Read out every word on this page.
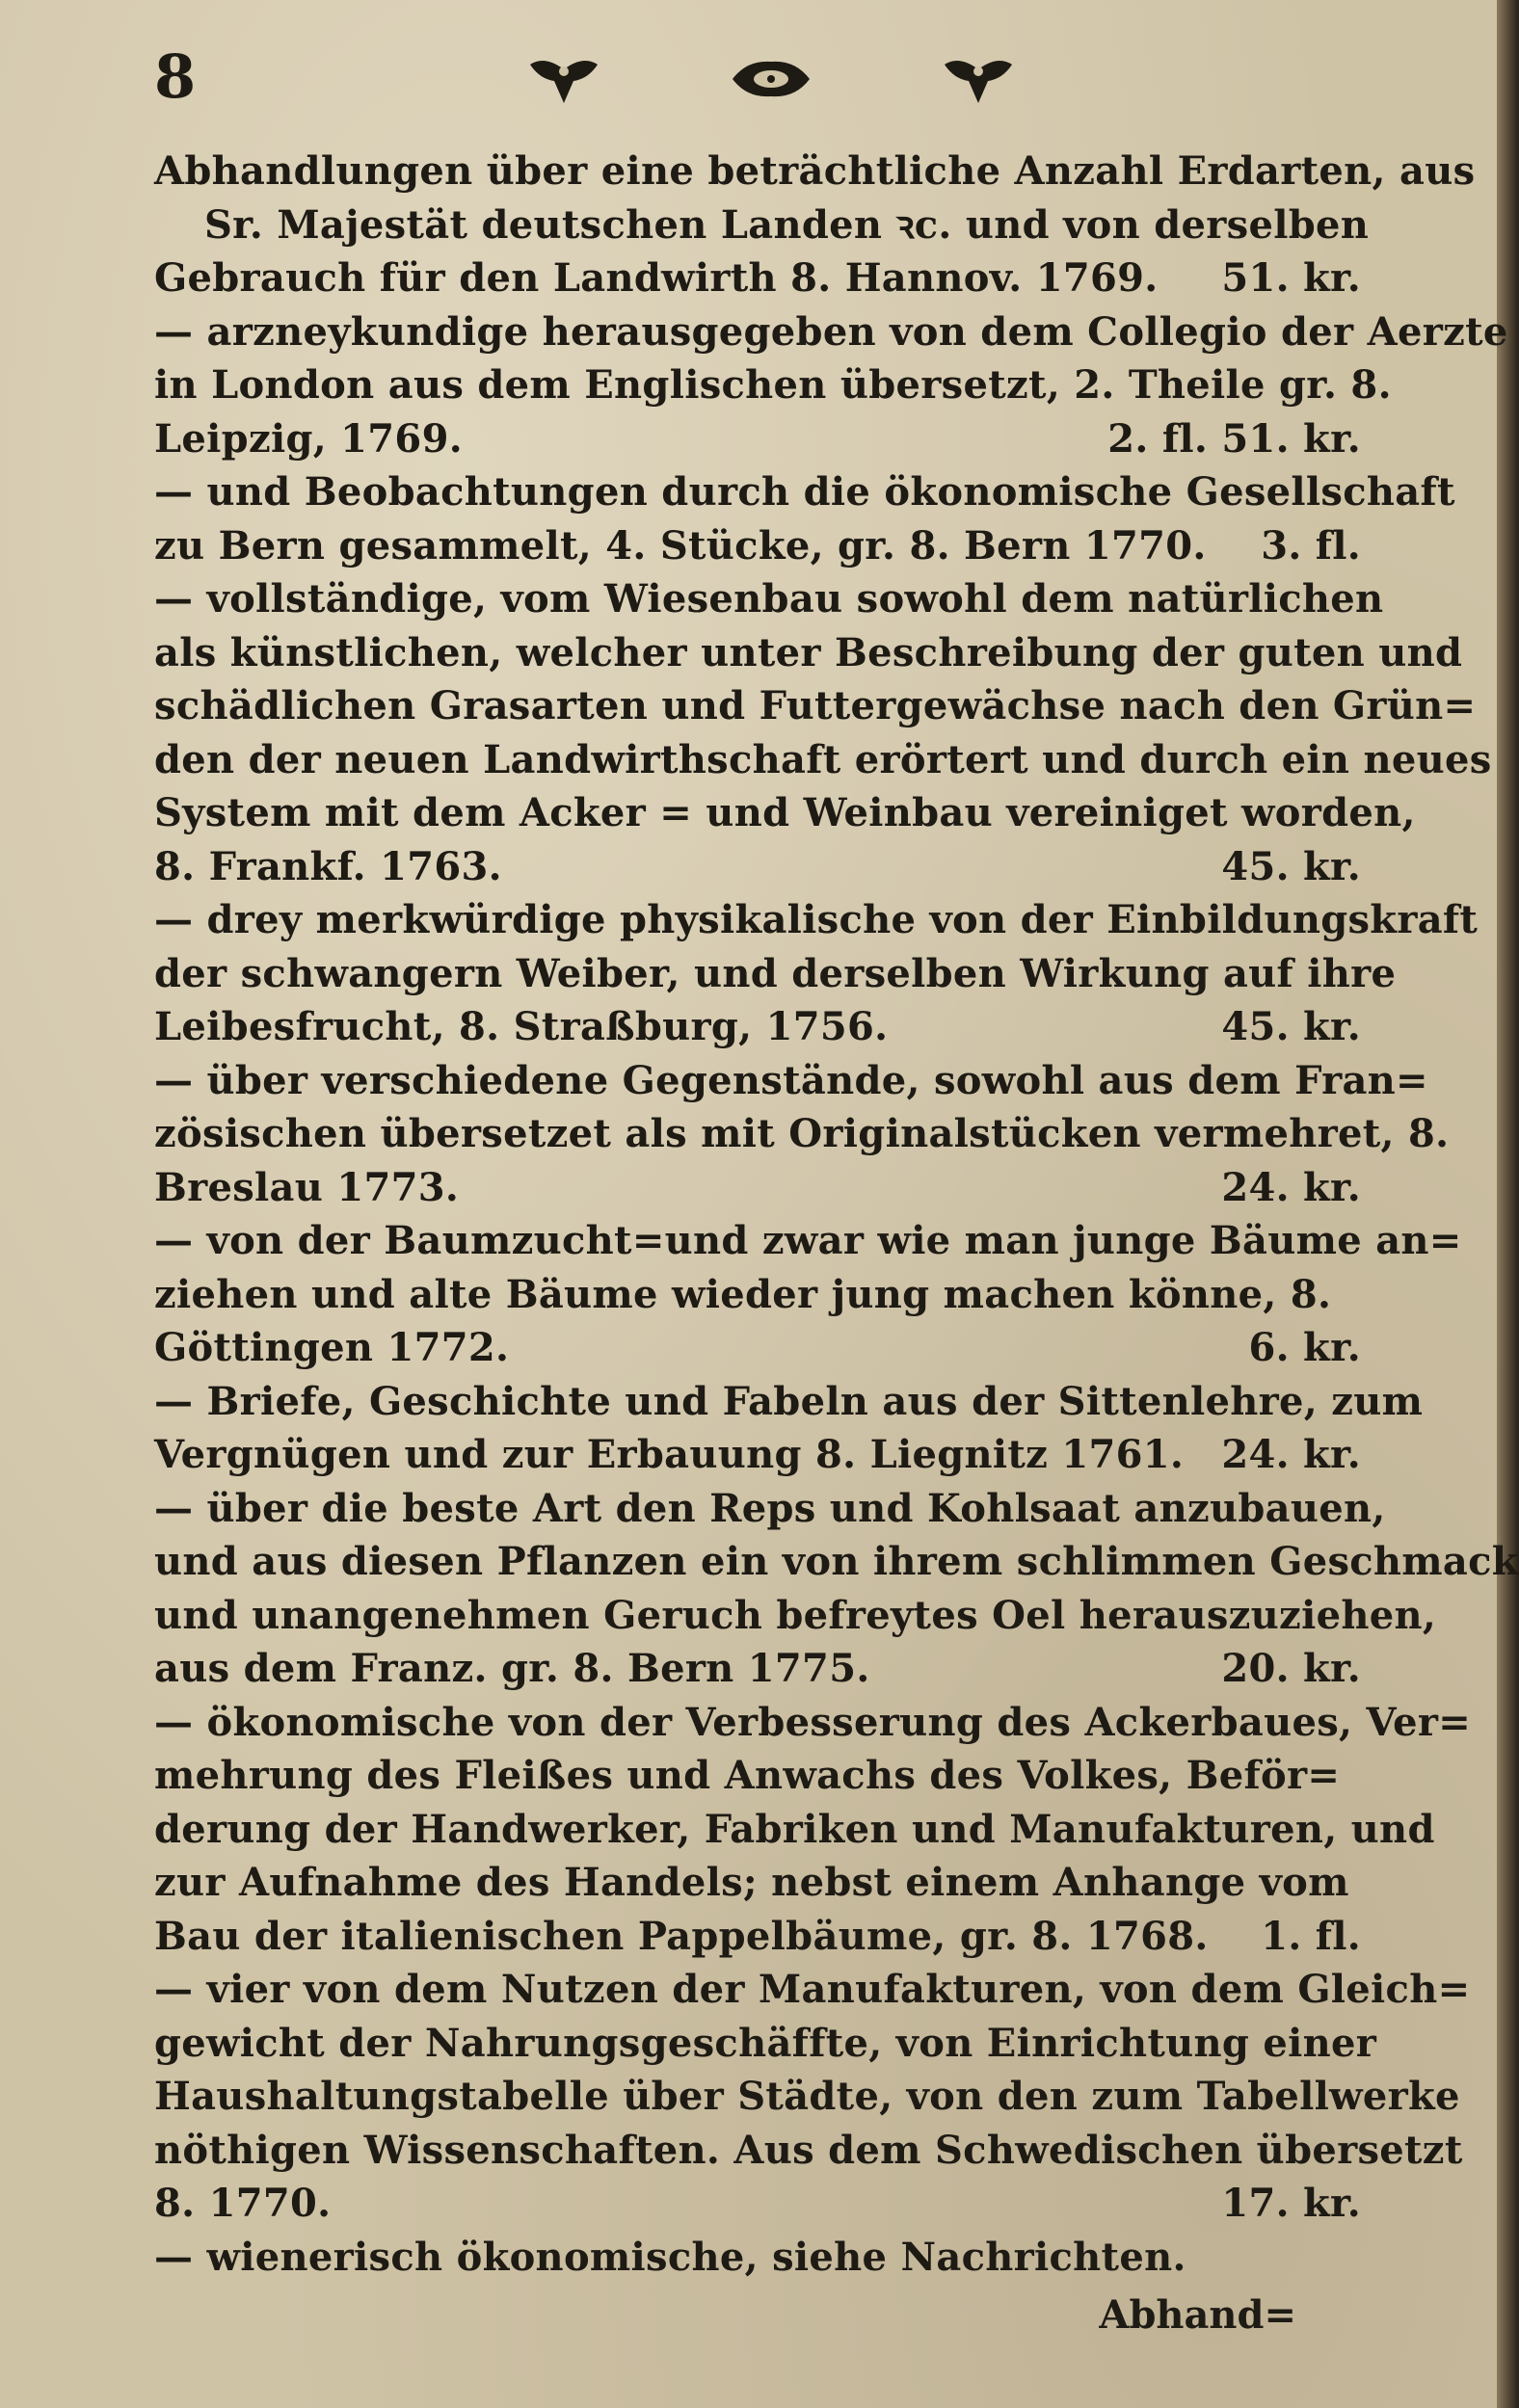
8
Abhandlungen über eine beträchtliche Anzahl Erdarten, aus
Sr. Majestät deutschen Landen ꝛc. und von derselben
Gebrauch für den Landwirth 8. Hannov. 1769.	51. kr.
— arzneykundige herausgegeben von dem Collegio der Aerzte
in London aus dem Englischen übersetzt, 2. Theile gr. 8.
Leipzig, 1769.	2. fl. 51. kr.
— und Beobachtungen durch die ökonomische Gesellschaft
zu Bern gesammelt, 4. Stücke, gr. 8. Bern 1770.	3. fl.
— vollständige, vom Wiesenbau sowohl dem natürlichen
als künstlichen, welcher unter Beschreibung der guten und
schädlichen Grasarten und Futtergewächse nach den Grün=
den der neuen Landwirthschaft erörtert und durch ein neues
System mit dem Acker = und Weinbau vereiniget worden,
8. Frankf. 1763.	45. kr.
— drey merkwürdige physikalische von der Einbildungskraft
der schwangern Weiber, und derselben Wirkung auf ihre
Leibesfrucht, 8. Straßburg, 1756.	45. kr.
— über verschiedene Gegenstände, sowohl aus dem Fran=
zösischen übersetzet als mit Originalstücken vermehret, 8.
Breslau 1773.	24. kr.
— von der Baumzucht=und zwar wie man junge Bäume an=
ziehen und alte Bäume wieder jung machen könne, 8.
Göttingen 1772.	6. kr.
— Briefe, Geschichte und Fabeln aus der Sittenlehre, zum
Vergnügen und zur Erbauung 8. Liegnitz 1761. 24. kr.
— über die beste Art den Reps und Kohlsaat anzubauen,
und aus diesen Pflanzen ein von ihrem schlimmen Geschmack
und unangenehmen Geruch befreytes Oel herauszuziehen,
aus dem Franz. gr. 8. Bern 1775.	20. kr.
— ökonomische von der Verbesserung des Ackerbaues, Ver=
mehrung des Fleißes und Anwachs des Volkes, Beför=
derung der Handwerker, Fabriken und Manufakturen, und
zur Aufnahme des Handels; nebst einem Anhange vom
Bau der italienischen Pappelbäume, gr. 8. 1768.	1. fl.
— vier von dem Nutzen der Manufakturen, von dem Gleich=
gewicht der Nahrungsgeschäffte, von Einrichtung einer
Haushaltungstabelle über Städte, von den zum Tabellwerke
nöthigen Wissenschaften. Aus dem Schwedischen übersetzt
8. 1770.	17. kr.
— wienerisch ökonomische, siehe Nachrichten.
Abhand=
